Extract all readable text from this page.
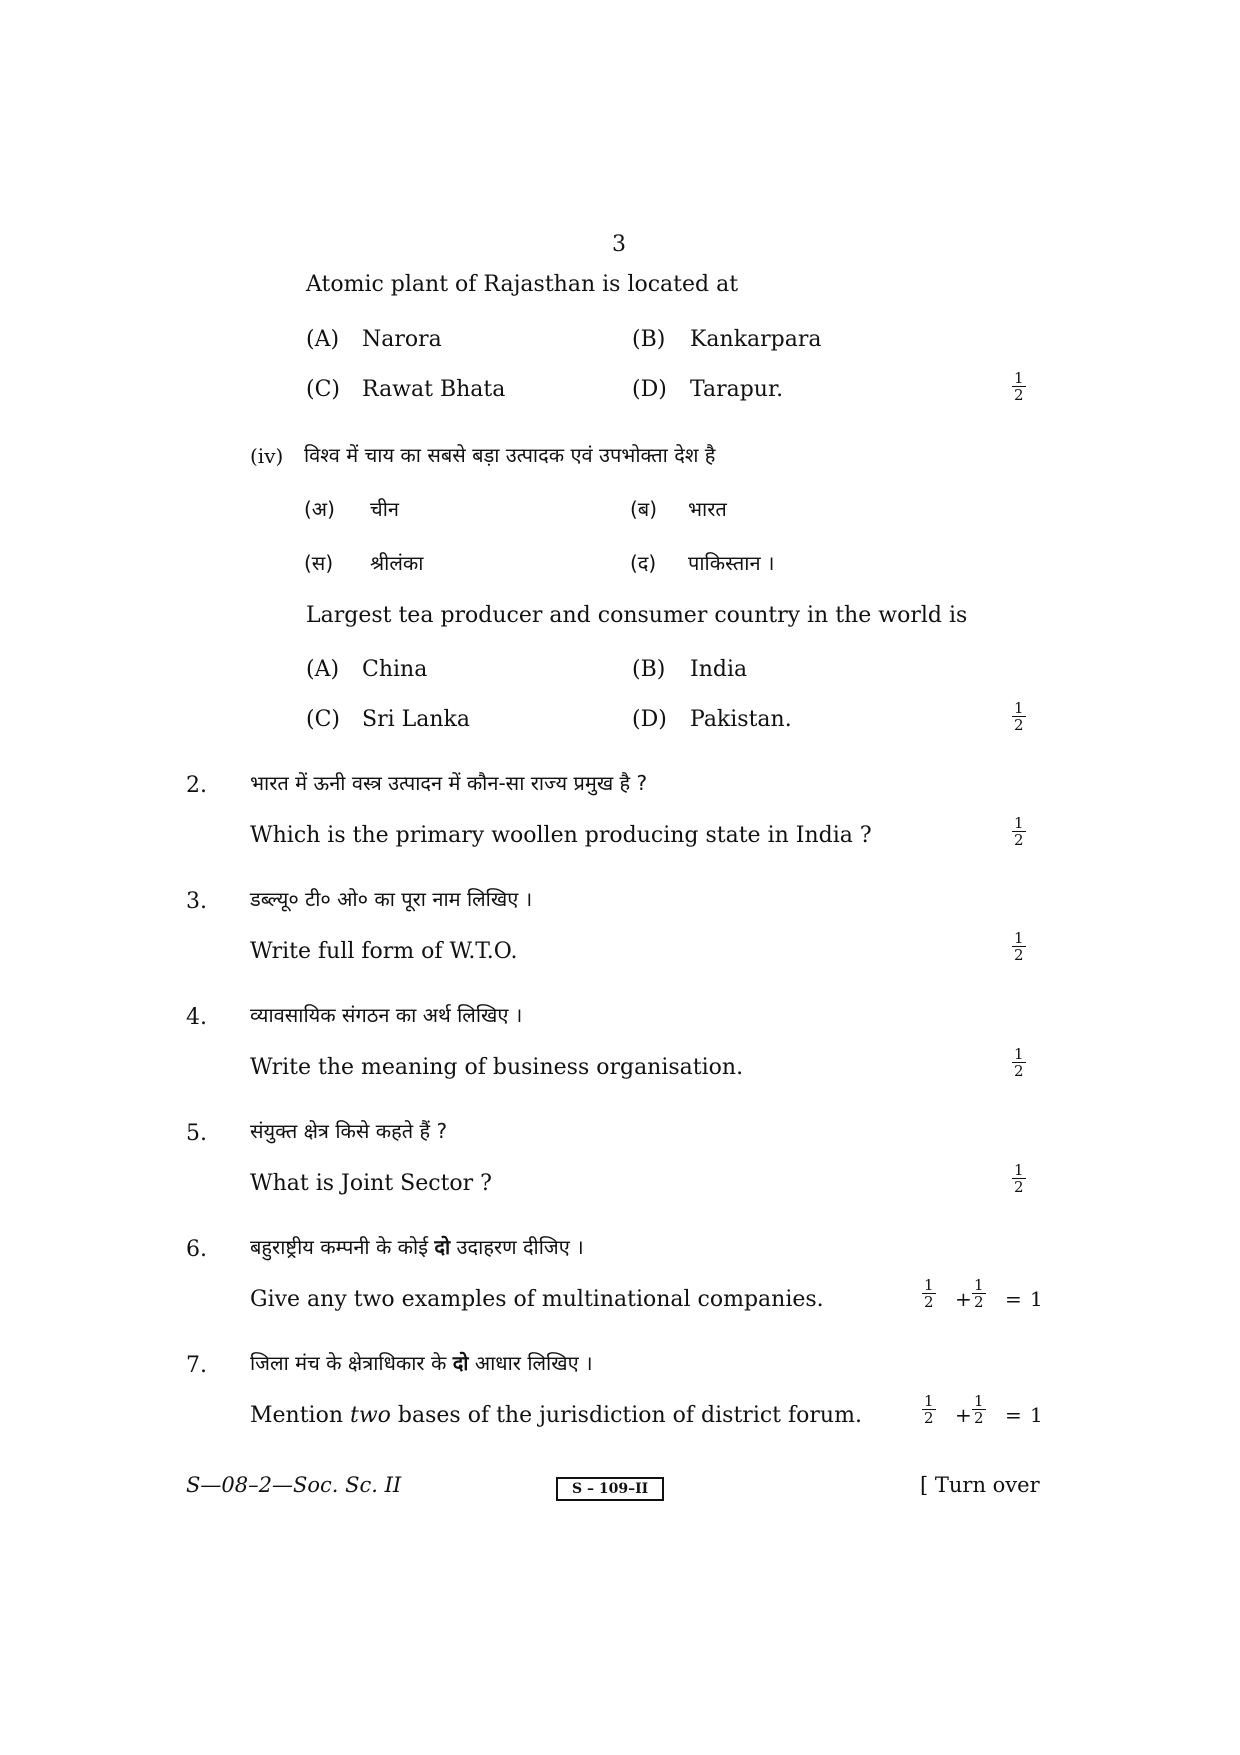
3
Atomic plant of Rajasthan is located at
(A) Narora	(B) Kankarpara
(C) Rawat Bhata	(D) Tarapur.	$\frac{1}{2}$
(iv) विश्व में चाय का सबसे बड़ा उत्पादक एवं उपभोक्ता देश है
(अ) चीन	(ब) भारत
(स) श्रीलंका	(द) पाकिस्तान ।
Largest tea producer and consumer country in the world is
(A) China	(B) India
(C) Sri Lanka	(D) Pakistan.	$\frac{1}{2}$
2. भारत में ऊनी वस्त्र उत्पादन में कौन-सा राज्य प्रमुख है ?
Which is the primary woollen producing state in India ?	$\frac{1}{2}$
3. डब्ल्यू० टी० ओ० का पूरा नाम लिखिए ।
Write full form of W.T.O.	$\frac{1}{2}$
4. व्यावसायिक संगठन का अर्थ लिखिए ।
Write the meaning of business organisation.	$\frac{1}{2}$
5. संयुक्त क्षेत्र किसे कहते हैं ?
What is Joint Sector ?	$\frac{1}{2}$
6. बहुराष्ट्रीय कम्पनी के कोई दो उदाहरण दीजिए ।
Give any two examples of multinational companies.	$\frac{1}{2} + \frac{1}{2} = 1$
7. जिला मंच के क्षेत्राधिकार के दो आधार लिखिए ।
Mention two bases of the jurisdiction of district forum.	$\frac{1}{2} + \frac{1}{2} = 1$
S—08–2—Soc. Sc. II	S – 109–II	[ Turn over
